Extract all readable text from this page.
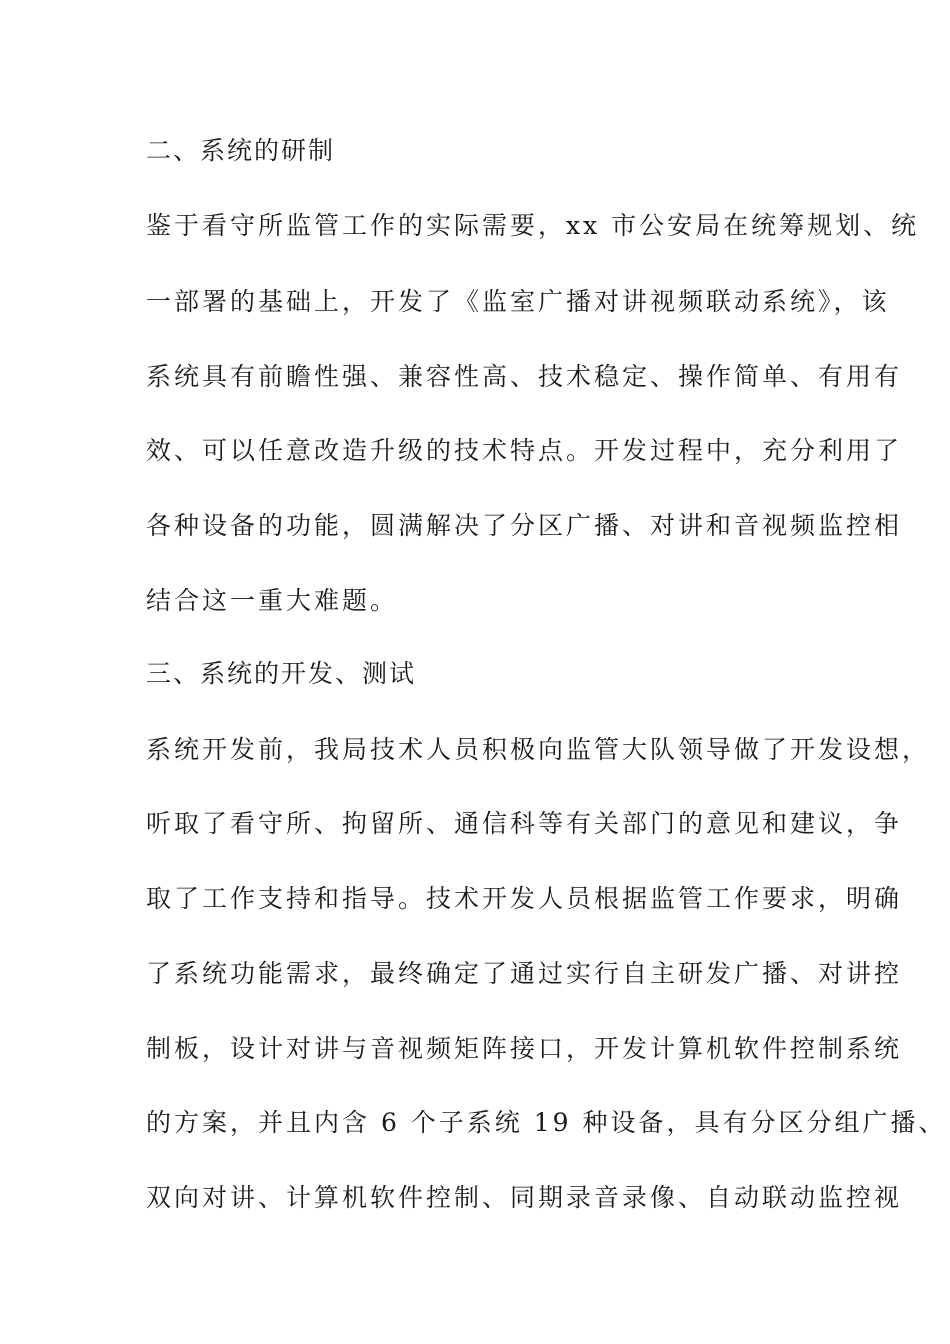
二、系统的研制
鉴于看守所监管工作的实际需要，xx 市公安局在统筹规划、统
一部署的基础上，开发了《监室广播对讲视频联动系统》，该
系统具有前瞻性强、兼容性高、技术稳定、操作简单、有用有
效、可以任意改造升级的技术特点。开发过程中，充分利用了
各种设备的功能，圆满解决了分区广播、对讲和音视频监控相
结合这一重大难题。
三、系统的开发、测试
系统开发前，我局技术人员积极向监管大队领导做了开发设想，
听取了看守所、拘留所、通信科等有关部门的意见和建议，争
取了工作支持和指导。技术开发人员根据监管工作要求，明确
了系统功能需求，最终确定了通过实行自主研发广播、对讲控
制板，设计对讲与音视频矩阵接口，开发计算机软件控制系统
的方案，并且内含 6 个子系统 19 种设备，具有分区分组广播、
双向对讲、计算机软件控制、同期录音录像、自动联动监控视
